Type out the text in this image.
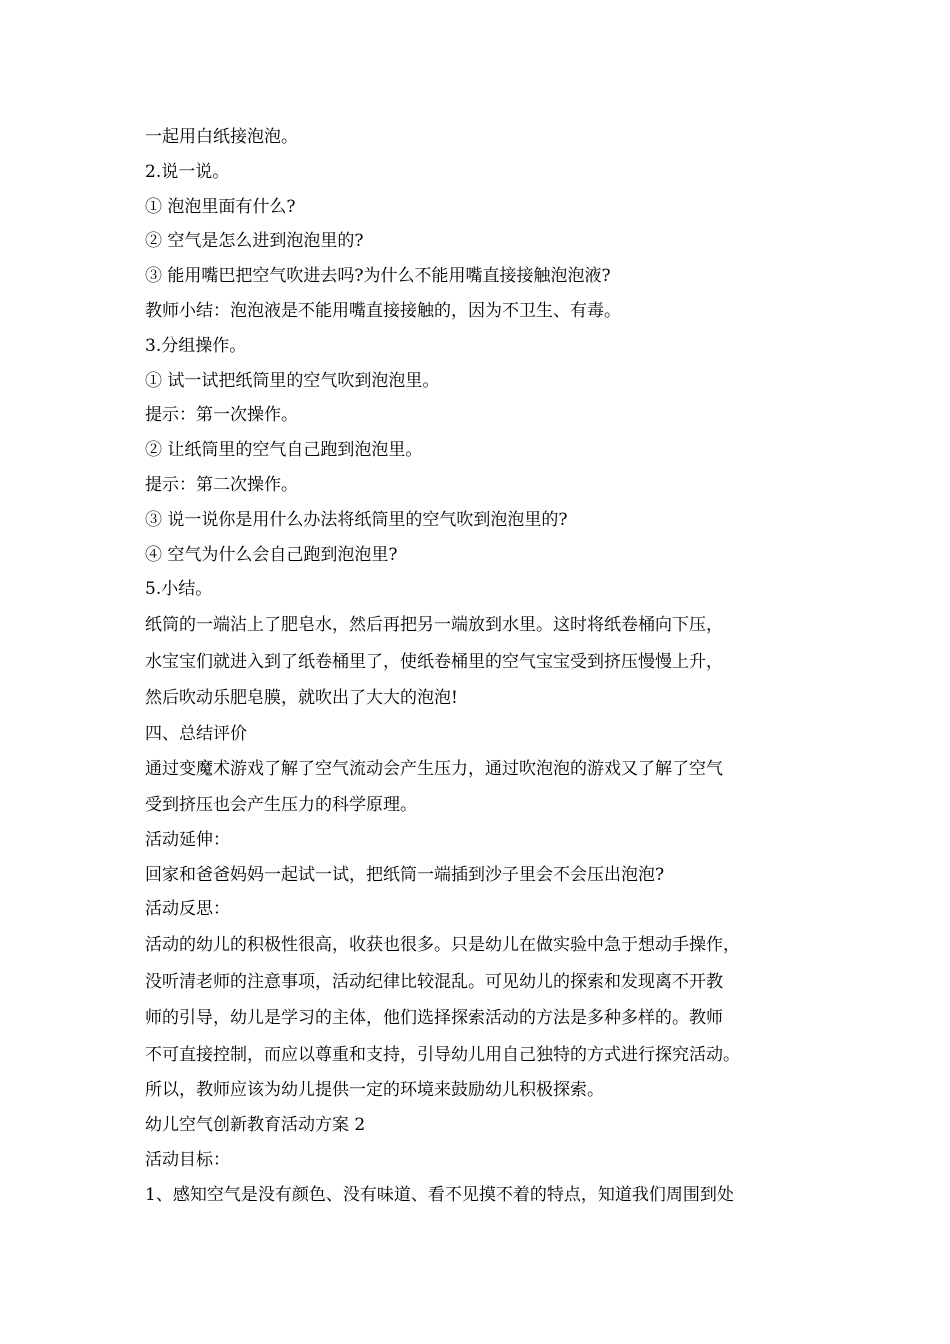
一起用白纸接泡泡。
2.说一说。
① 泡泡里面有什么?
② 空气是怎么进到泡泡里的?
③ 能用嘴巴把空气吹进去吗?为什么不能用嘴直接接触泡泡液?
教师小结：泡泡液是不能用嘴直接接触的，因为不卫生、有毒。
3.分组操作。
① 试一试把纸筒里的空气吹到泡泡里。
提示：第一次操作。
② 让纸筒里的空气自己跑到泡泡里。
提示：第二次操作。
③ 说一说你是用什么办法将纸筒里的空气吹到泡泡里的?
④ 空气为什么会自己跑到泡泡里?
5.小结。
纸筒的一端沾上了肥皂水，然后再把另一端放到水里。这时将纸卷桶向下压，
水宝宝们就进入到了纸卷桶里了，使纸卷桶里的空气宝宝受到挤压慢慢上升，
然后吹动乐肥皂膜，就吹出了大大的泡泡!
四、总结评价
通过变魔术游戏了解了空气流动会产生压力，通过吹泡泡的游戏又了解了空气
受到挤压也会产生压力的科学原理。
活动延伸：
回家和爸爸妈妈一起试一试，把纸筒一端插到沙子里会不会压出泡泡?
活动反思：
活动的幼儿的积极性很高，收获也很多。只是幼儿在做实验中急于想动手操作，
没听清老师的注意事项，活动纪律比较混乱。可见幼儿的探索和发现离不开教
师的引导，幼儿是学习的主体，他们选择探索活动的方法是多种多样的。教师
不可直接控制，而应以尊重和支持，引导幼儿用自己独特的方式进行探究活动。
所以，教师应该为幼儿提供一定的环境来鼓励幼儿积极探索。
幼儿空气创新教育活动方案 2
活动目标：
1、感知空气是没有颜色、没有味道、看不见摸不着的特点，知道我们周围到处
